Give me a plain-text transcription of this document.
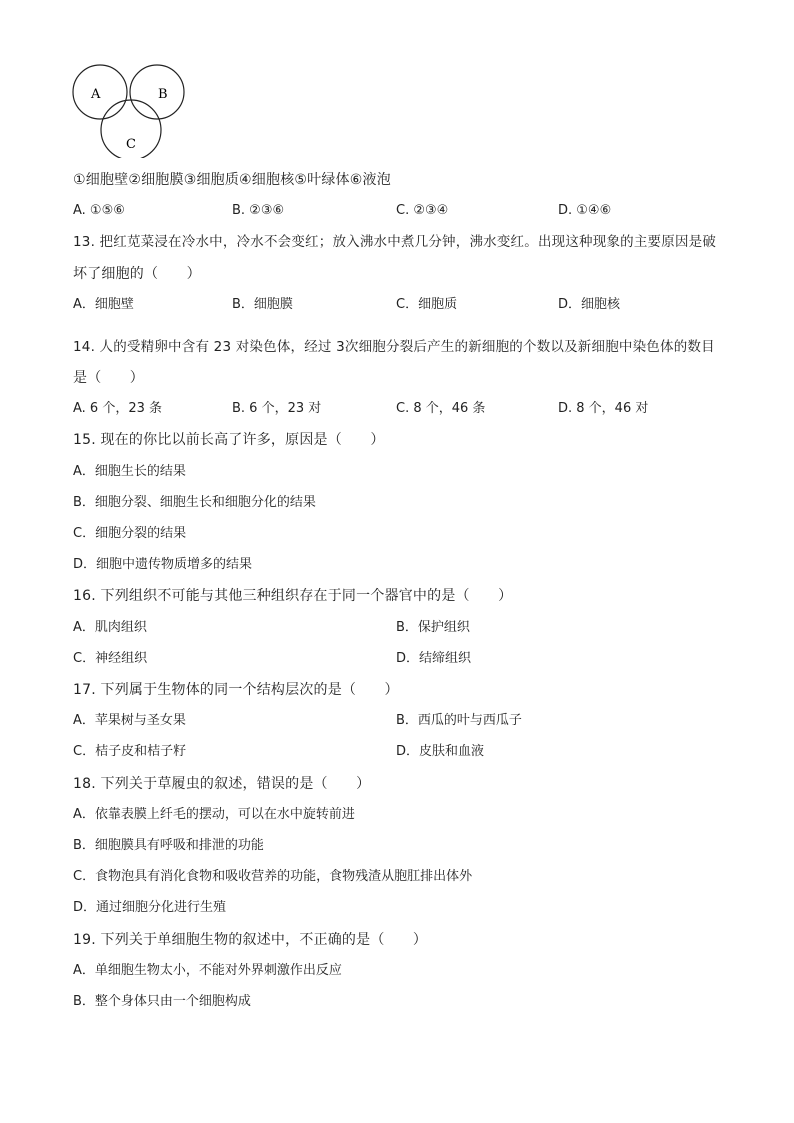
A	B
C
①细胞壁②细胞膜③细胞质④细胞核⑤叶绿体⑥液泡
A. ①⑤⑥	B. ②③⑥	C. ②③④	D. ①④⑥
13. 把红苋菜浸在冷水中，冷水不会变红；放入沸水中煮几分钟，沸水变红。出现这种现象的主要原因是破
坏了细胞的（　　）
A．细胞壁	B．细胞膜	C．细胞质	D．细胞核
14. 人的受精卵中含有 23 对染色体，经过 3次细胞分裂后产生的新细胞的个数以及新细胞中染色体的数目
是（　　）
A. 6 个，23 条	B. 6 个，23 对	C. 8 个，46 条	D. 8 个，46 对
15. 现在的你比以前长高了许多，原因是（　　）
A．细胞生长的结果
B．细胞分裂、细胞生长和细胞分化的结果
C．细胞分裂的结果
D．细胞中遗传物质增多的结果
16. 下列组织不可能与其他三种组织存在于同一个器官中的是（　　）
A．肌肉组织	B．保护组织
C．神经组织	D．结缔组织
17. 下列属于生物体的同一个结构层次的是（　　）
A．苹果树与圣女果	B．西瓜的叶与西瓜子
C．桔子皮和桔子籽	D．皮肤和血液
18. 下列关于草履虫的叙述，错误的是（　　）
A．依靠表膜上纤毛的摆动，可以在水中旋转前进
B．细胞膜具有呼吸和排泄的功能
C．食物泡具有消化食物和吸收营养的功能，食物残渣从胞肛排出体外
D．通过细胞分化进行生殖
19. 下列关于单细胞生物的叙述中，不正确的是（　　）
A．单细胞生物太小，不能对外界刺激作出反应
B．整个身体只由一个细胞构成
